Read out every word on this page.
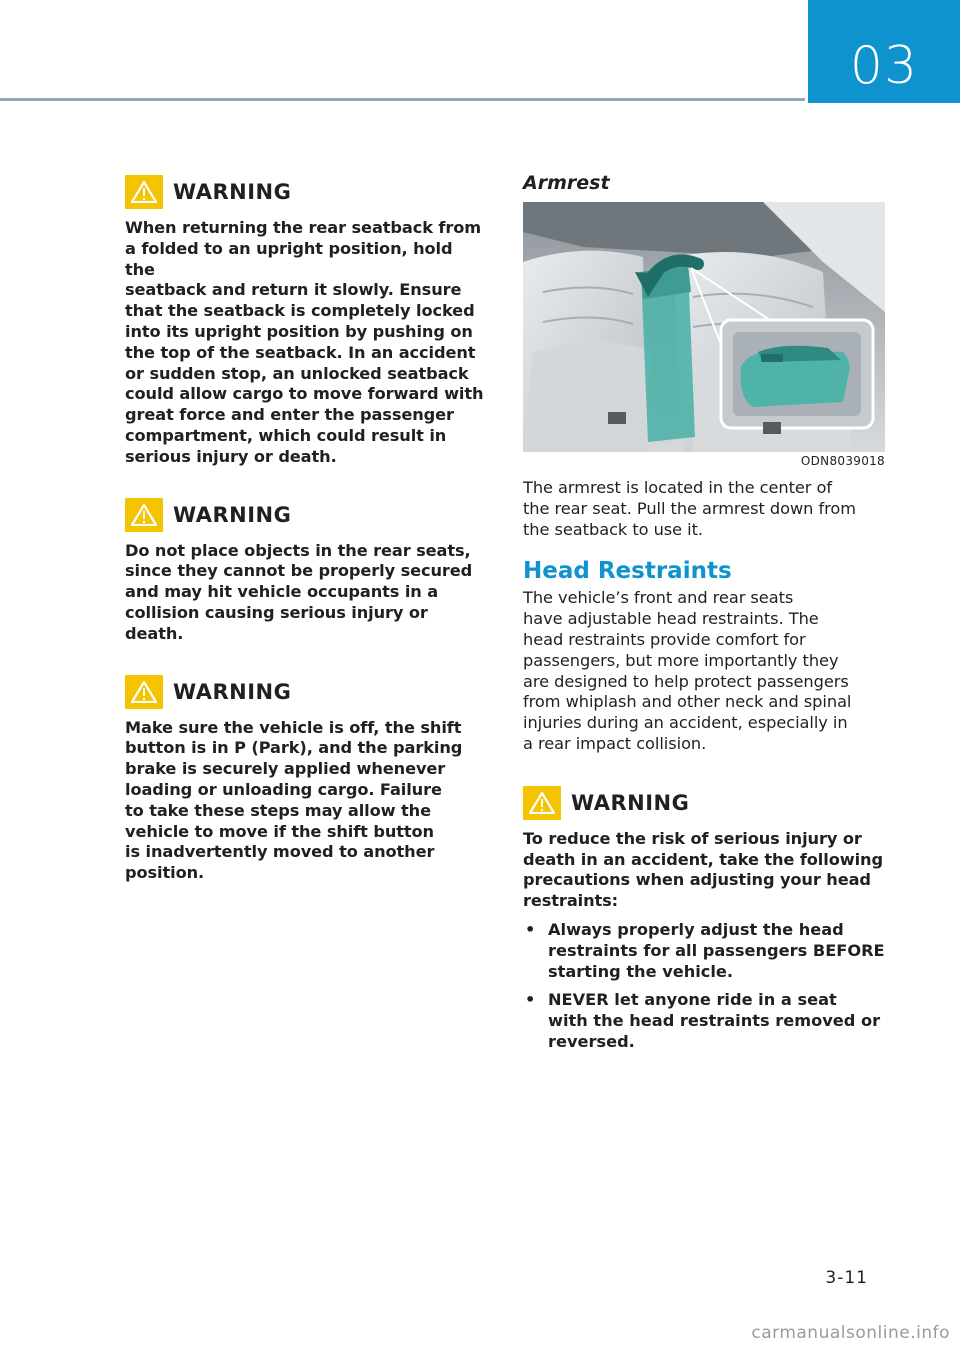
03
WARNING
When returning the rear seatback from
a folded to an upright position, hold the
seatback and return it slowly. Ensure
that the seatback is completely locked
into its upright position by pushing on
the top of the seatback. In an accident
or sudden stop, an unlocked seatback
could allow cargo to move forward with
great force and enter the passenger
compartment, which could result in
serious injury or death.
WARNING
Do not place objects in the rear seats,
since they cannot be properly secured
and may hit vehicle occupants in a
collision causing serious injury or death.
WARNING
Make sure the vehicle is off, the shift
button is in P (Park), and the parking
brake is securely applied whenever
loading or unloading cargo. Failure
to take these steps may allow the
vehicle to move if the shift button
is inadvertently moved to another
position.
Armrest
ODN8039018
The armrest is located in the center of
the rear seat. Pull the armrest down from
the seatback to use it.
Head Restraints
The vehicle’s front and rear seats
have adjustable head restraints. The
head restraints provide comfort for
passengers, but more importantly they
are designed to help protect passengers
from whiplash and other neck and spinal
injuries during an accident, especially in
a rear impact collision.
WARNING
To reduce the risk of serious injury or
death in an accident, take the following
precautions when adjusting your head
restraints:
• Always properly adjust the head
restraints for all passengers BEFORE
starting the vehicle.
• NEVER let anyone ride in a seat
with the head restraints removed or
reversed.
3-11
carmanualsonline.info
